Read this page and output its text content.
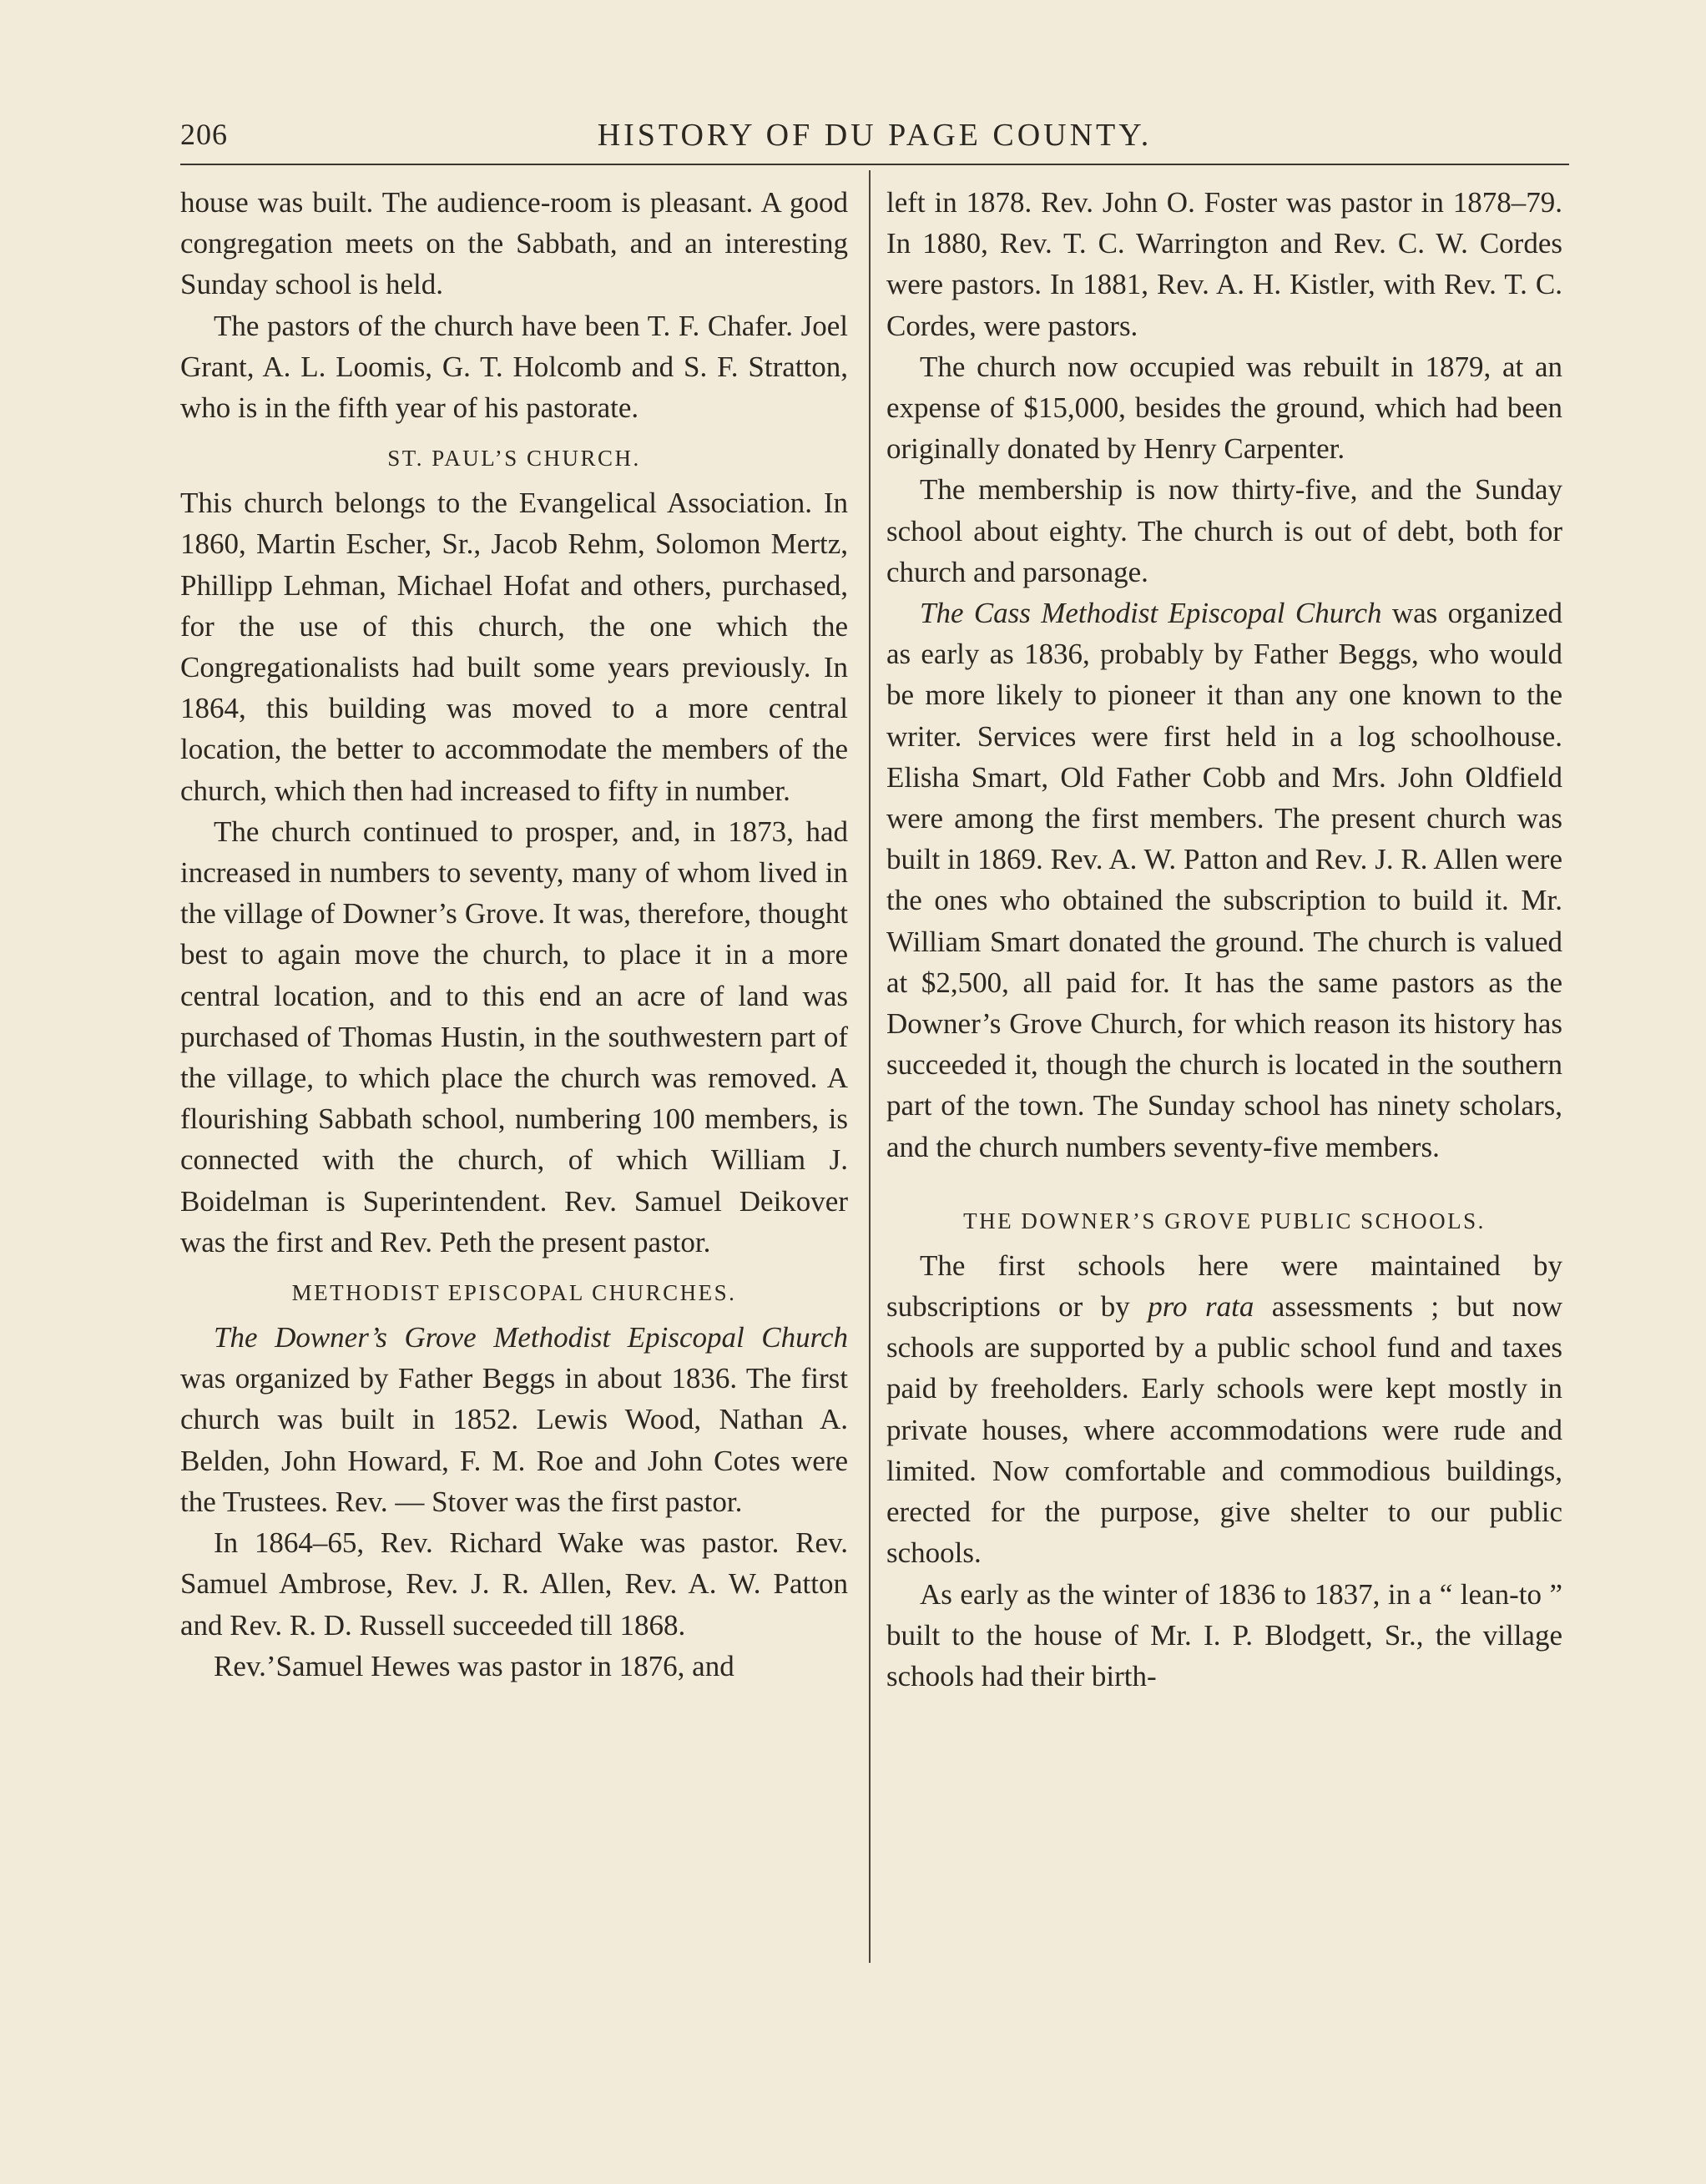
206	HISTORY OF DU PAGE COUNTY.

house was built. The audience-room is pleasant. A good congregation meets on the Sabbath, and an interesting Sunday school is held.

The pastors of the church have been T. F. Chafer. Joel Grant, A. L. Loomis, G. T. Holcomb and S. F. Stratton, who is in the fifth year of his pastorate.

ST. PAUL’S CHURCH.

This church belongs to the Evangelical Association. In 1860, Martin Escher, Sr., Jacob Rehm, Solomon Mertz, Phillipp Lehman, Michael Hofat and others, purchased, for the use of this church, the one which the Congregationalists had built some years previously. In 1864, this building was moved to a more central location, the better to accommodate the members of the church, which then had increased to fifty in number.

The church continued to prosper, and, in 1873, had increased in numbers to seventy, many of whom lived in the village of Downer’s Grove. It was, therefore, thought best to again move the church, to place it in a more central location, and to this end an acre of land was purchased of Thomas Hustin, in the southwestern part of the village, to which place the church was removed. A flourishing Sabbath school, numbering 100 members, is connected with the church, of which William J. Boidelman is Superintendent. Rev. Samuel Deikover was the first and Rev. Peth the present pastor.

METHODIST EPISCOPAL CHURCHES.

The Downer’s Grove Methodist Episcopal Church was organized by Father Beggs in about 1836. The first church was built in 1852. Lewis Wood, Nathan A. Belden, John Howard, F. M. Roe and John Cotes were the Trustees. Rev. — Stover was the first pastor.

In 1864–65, Rev. Richard Wake was pastor. Rev. Samuel Ambrose, Rev. J. R. Allen, Rev. A. W. Patton and Rev. R. D. Russell succeeded till 1868.

Rev.’Samuel Hewes was pastor in 1876, and

left in 1878. Rev. John O. Foster was pastor in 1878–79. In 1880, Rev. T. C. Warrington and Rev. C. W. Cordes were pastors. In 1881, Rev. A. H. Kistler, with Rev. T. C. Cordes, were pastors.

The church now occupied was rebuilt in 1879, at an expense of $15,000, besides the ground, which had been originally donated by Henry Carpenter.

The membership is now thirty-five, and the Sunday school about eighty. The church is out of debt, both for church and parsonage.

The Cass Methodist Episcopal Church was organized as early as 1836, probably by Father Beggs, who would be more likely to pioneer it than any one known to the writer. Services were first held in a log schoolhouse. Elisha Smart, Old Father Cobb and Mrs. John Oldfield were among the first members. The present church was built in 1869. Rev. A. W. Patton and Rev. J. R. Allen were the ones who obtained the subscription to build it. Mr. William Smart donated the ground. The church is valued at $2,500, all paid for. It has the same pastors as the Downer’s Grove Church, for which reason its history has succeeded it, though the church is located in the southern part of the town. The Sunday school has ninety scholars, and the church numbers seventy-five members.

THE DOWNER’S GROVE PUBLIC SCHOOLS.

The first schools here were maintained by subscriptions or by pro rata assessments ; but now schools are supported by a public school fund and taxes paid by freeholders. Early schools were kept mostly in private houses, where accommodations were rude and limited. Now comfortable and commodious buildings, erected for the purpose, give shelter to our public schools.

As early as the winter of 1836 to 1837, in a “ lean-to ” built to the house of Mr. I. P. Blodgett, Sr., the village schools had their birth-
